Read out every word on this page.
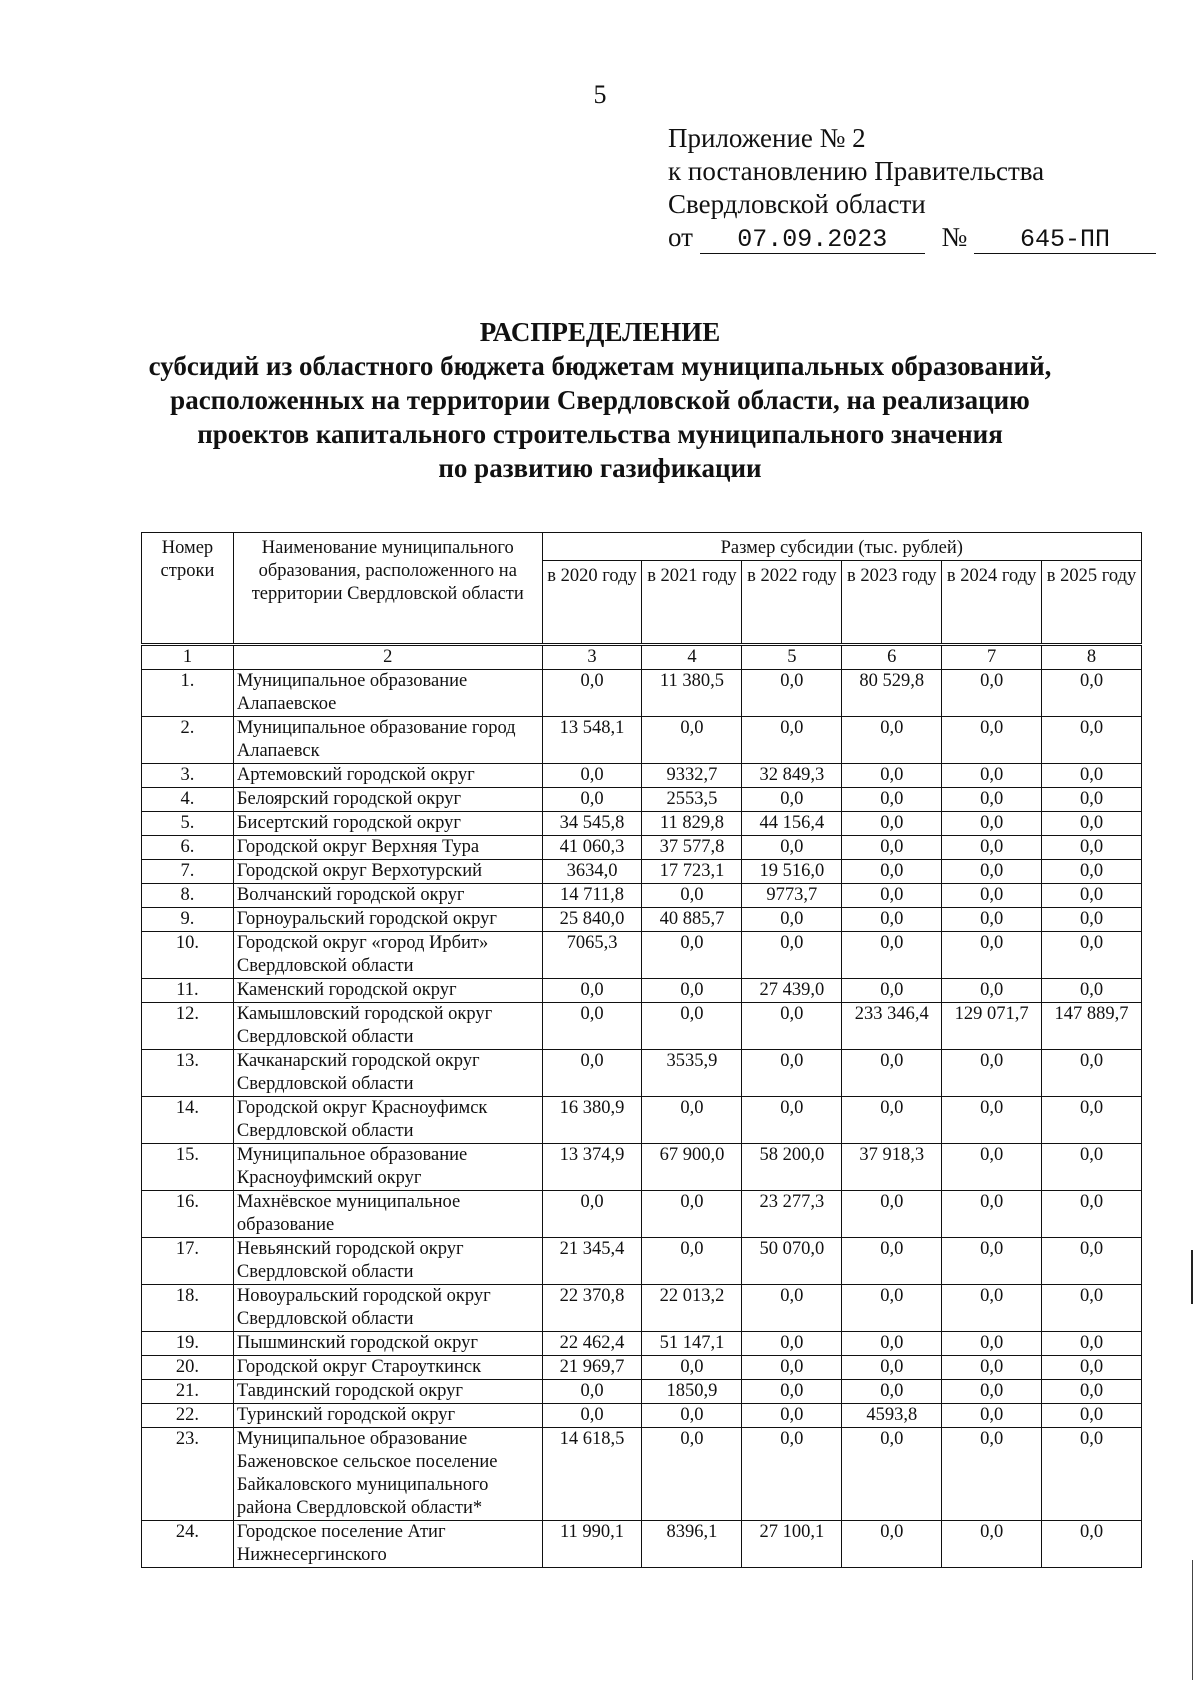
5
Приложение № 2
к постановлению Правительства
Свердловской области
от 07.09.2023 № 645-ПП
РАСПРЕДЕЛЕНИЕ
субсидий из областного бюджета бюджетам муниципальных образований,
расположенных на территории Свердловской области, на реализацию
проектов капитального строительства муниципального значения
по развитию газификации
Номер строки	Наименование муниципального образования, расположенного на территории Свердловской области	Размер субсидии (тыс. рублей)					
		в 2020 году	в 2021 году	в 2022 году	в 2023 году	в 2024 году	в 2025 году
1	2	3	4	5	6	7	8
1.	Муниципальное образование Алапаевское	0,0	11 380,5	0,0	80 529,8	0,0	0,0
2.	Муниципальное образование город Алапаевск	13 548,1	0,0	0,0	0,0	0,0	0,0
3.	Артемовский городской округ	0,0	9332,7	32 849,3	0,0	0,0	0,0
4.	Белоярский городской округ	0,0	2553,5	0,0	0,0	0,0	0,0
5.	Бисертский городской округ	34 545,8	11 829,8	44 156,4	0,0	0,0	0,0
6.	Городской округ Верхняя Тура	41 060,3	37 577,8	0,0	0,0	0,0	0,0
7.	Городской округ Верхотурский	3634,0	17 723,1	19 516,0	0,0	0,0	0,0
8.	Волчанский городской округ	14 711,8	0,0	9773,7	0,0	0,0	0,0
9.	Горноуральский городской округ	25 840,0	40 885,7	0,0	0,0	0,0	0,0
10.	Городской округ «город Ирбит» Свердловской области	7065,3	0,0	0,0	0,0	0,0	0,0
11.	Каменский городской округ	0,0	0,0	27 439,0	0,0	0,0	0,0
12.	Камышловский городской округ Свердловской области	0,0	0,0	0,0	233 346,4	129 071,7	147 889,7
13.	Качканарский городской округ Свердловской области	0,0	3535,9	0,0	0,0	0,0	0,0
14.	Городской округ Красноуфимск Свердловской области	16 380,9	0,0	0,0	0,0	0,0	0,0
15.	Муниципальное образование Красноуфимский округ	13 374,9	67 900,0	58 200,0	37 918,3	0,0	0,0
16.	Махнёвское муниципальное образование	0,0	0,0	23 277,3	0,0	0,0	0,0
17.	Невьянский городской округ Свердловской области	21 345,4	0,0	50 070,0	0,0	0,0	0,0
18.	Новоуральский городской округ Свердловской области	22 370,8	22 013,2	0,0	0,0	0,0	0,0
19.	Пышминский городской округ	22 462,4	51 147,1	0,0	0,0	0,0	0,0
20.	Городской округ Староуткинск	21 969,7	0,0	0,0	0,0	0,0	0,0
21.	Тавдинский городской округ	0,0	1850,9	0,0	0,0	0,0	0,0
22.	Туринский городской округ	0,0	0,0	0,0	4593,8	0,0	0,0
23.	Муниципальное образование Баженовское сельское поселение Байкаловского муниципального района Свердловской области*	14 618,5	0,0	0,0	0,0	0,0	0,0
24.	Городское поселение Атиг Нижнесергинского	11 990,1	8396,1	27 100,1	0,0	0,0	0,0
